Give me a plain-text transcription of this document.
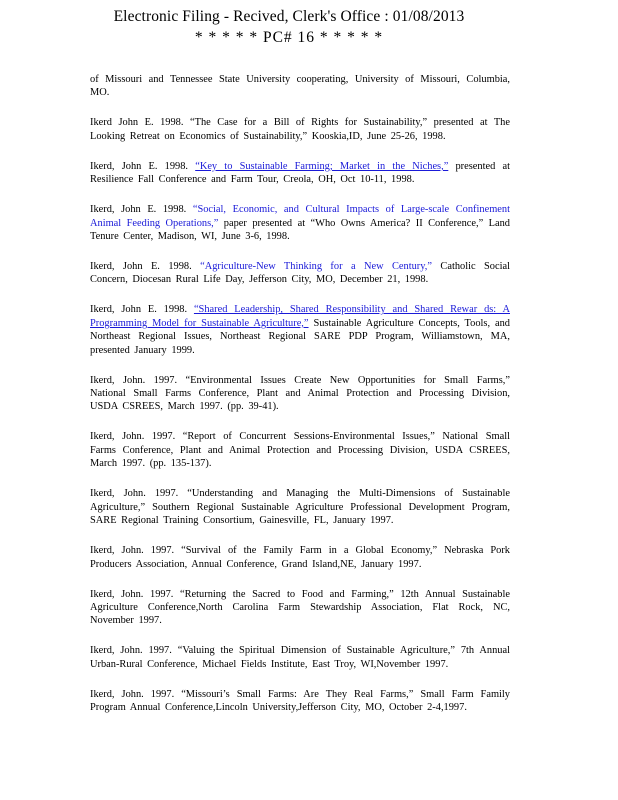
Electronic Filing - Recived, Clerk's Office : 01/08/2013
* * * * * PC# 16 * * * * *

of Missouri and Tennessee State University cooperating, University of Missouri, Columbia, MO.

Ikerd John E. 1998. “The Case for a Bill of Rights for Sustainability,” presented at The Looking Retreat on Economics of Sustainability,” Kooskia,ID, June 25-26, 1998.

Ikerd, John E. 1998. “Key to Sustainable Farming; Market in the Niches,” presented at Resilience Fall Conference and Farm Tour, Creola, OH, Oct 10-11, 1998.

Ikerd, John E. 1998. “Social, Economic, and Cultural Impacts of Large-scale Confinement Animal Feeding Operations,” paper presented at “Who Owns America? II Conference,” Land Tenure Center, Madison, WI, June 3-6, 1998.

Ikerd, John E. 1998. “Agriculture-New Thinking for a New Century,” Catholic Social Concern, Diocesan Rural Life Day, Jefferson City, MO, December 21, 1998.

Ikerd, John E. 1998. “Shared Leadership, Shared Responsibility and Shared Rewar ds: A Programming Model for Sustainable Agriculture,” Sustainable Agriculture Concepts, Tools, and Northeast Regional Issues, Northeast Regional SARE PDP Program, Williamstown, MA, presented January 1999.

Ikerd, John. 1997. “Environmental Issues Create New Opportunities for Small Farms,” National Small Farms Conference, Plant and Animal Protection and Processing Division, USDA CSREES, March 1997. (pp. 39-41).

Ikerd, John. 1997. “Report of Concurrent Sessions-Environmental Issues,” National Small Farms Conference, Plant and Animal Protection and Processing Division, USDA CSREES, March 1997. (pp. 135-137).

Ikerd, John. 1997. “Understanding and Managing the Multi-Dimensions of Sustainable Agriculture,” Southern Regional Sustainable Agriculture Professional Development Program, SARE Regional Training Consortium, Gainesville, FL, January 1997.

Ikerd, John. 1997. “Survival of the Family Farm in a Global Economy,” Nebraska Pork Producers Association, Annual Conference, Grand Island,NE, January 1997.

Ikerd, John. 1997. “Returning the Sacred to Food and Farming,” 12th Annual Sustainable Agriculture Conference,North Carolina Farm Stewardship Association, Flat Rock, NC, November 1997.

Ikerd, John. 1997. “Valuing the Spiritual Dimension of Sustainable Agriculture,” 7th Annual Urban-Rural Conference, Michael Fields Institute, East Troy, WI,November 1997.

Ikerd, John. 1997. “Missouri’s Small Farms: Are They Real Farms,” Small Farm Family Program Annual Conference,Lincoln University,Jefferson City, MO, October 2-4,1997.
